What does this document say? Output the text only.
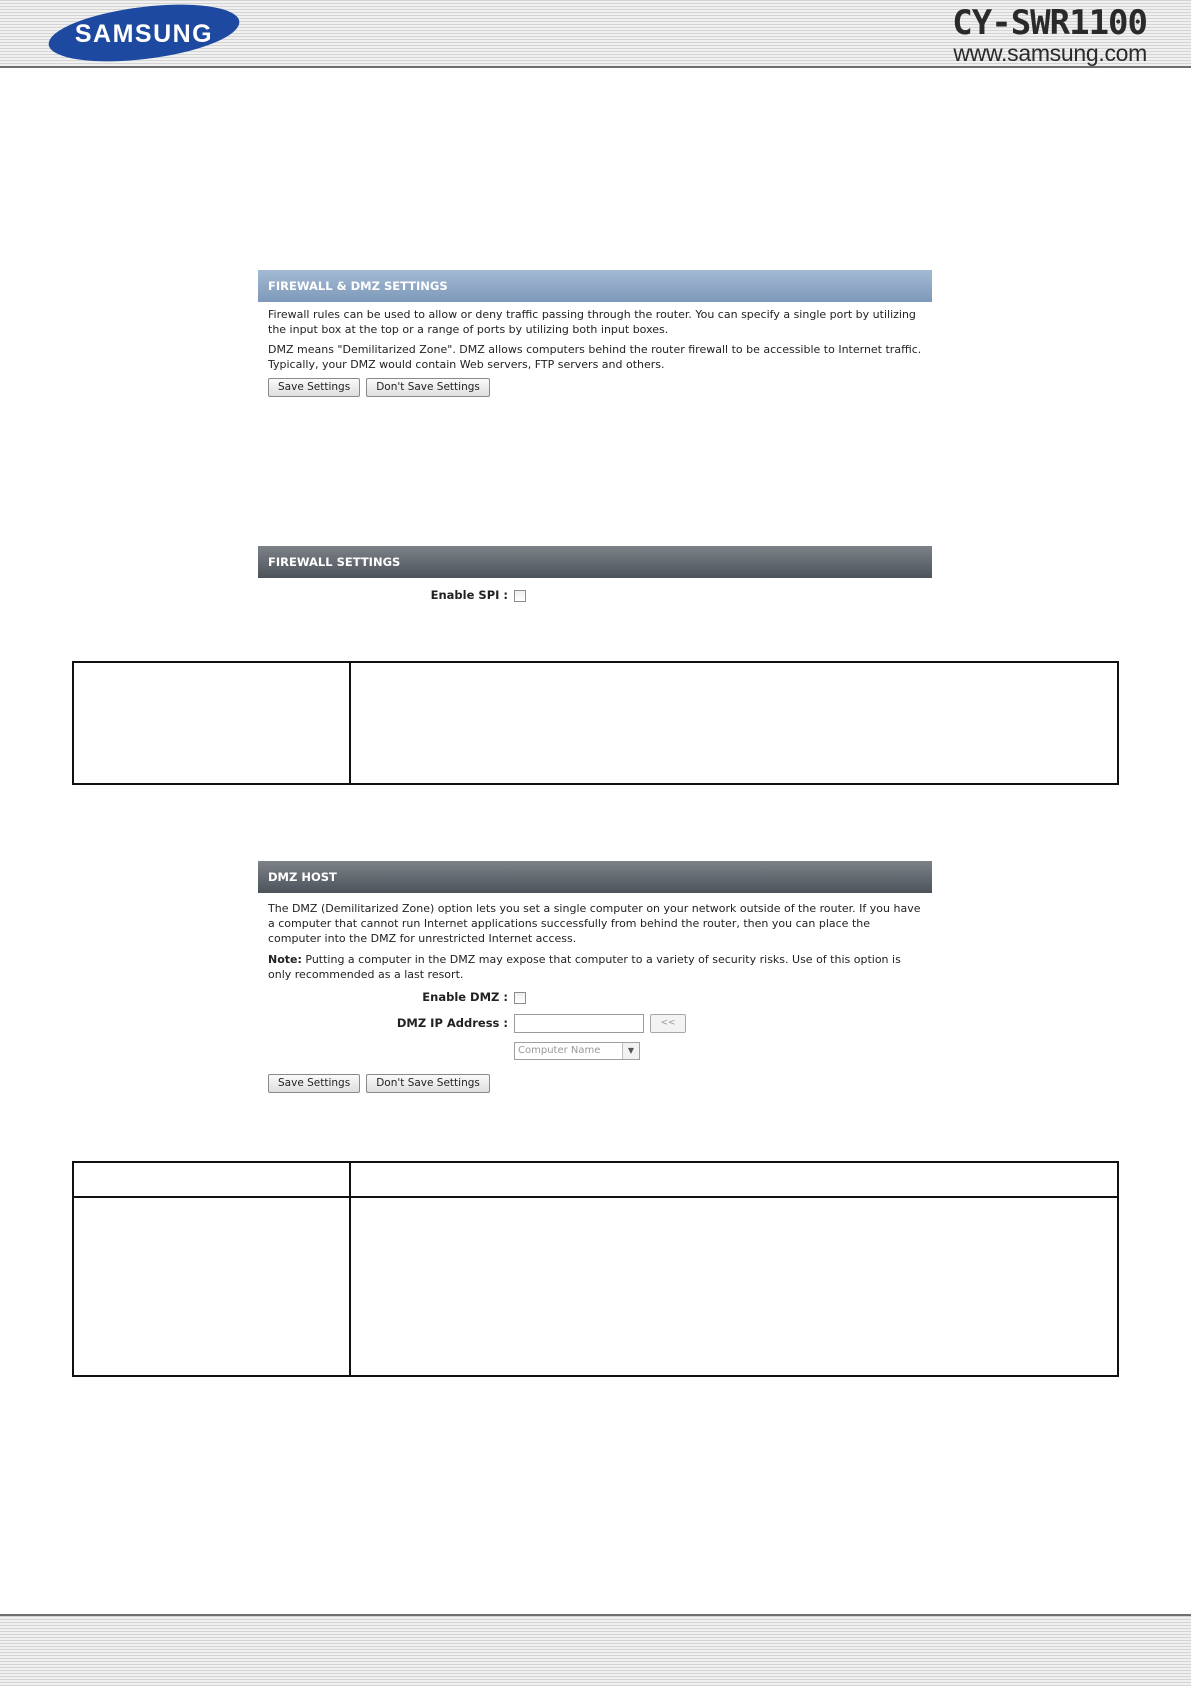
SAMSUNG	CY-SWR1100
www.samsung.com
FIREWALL & DMZ SETTINGS

Firewall rules can be used to allow or deny traffic passing through the router. You can specify a single port by utilizing the input box at the top or a range of ports by utilizing both input boxes.

DMZ means "Demilitarized Zone". DMZ allows computers behind the router firewall to be accessible to Internet traffic. Typically, your DMZ would contain Web servers, FTP servers and others.

Save Settings Don't Save Settings
FIREWALL SETTINGS
Enable SPI :
DMZ HOST

The DMZ (Demilitarized Zone) option lets you set a single computer on your network outside of the router. If you have a computer that cannot run Internet applications successfully from behind the router, then you can place the computer into the DMZ for unrestricted Internet access.

Note: Putting a computer in the DMZ may expose that computer to a variety of security risks. Use of this option is only recommended as a last resort.

Enable DMZ :
DMZ IP Address :	<<
Computer Name	▼
Save Settings Don't Save Settings
